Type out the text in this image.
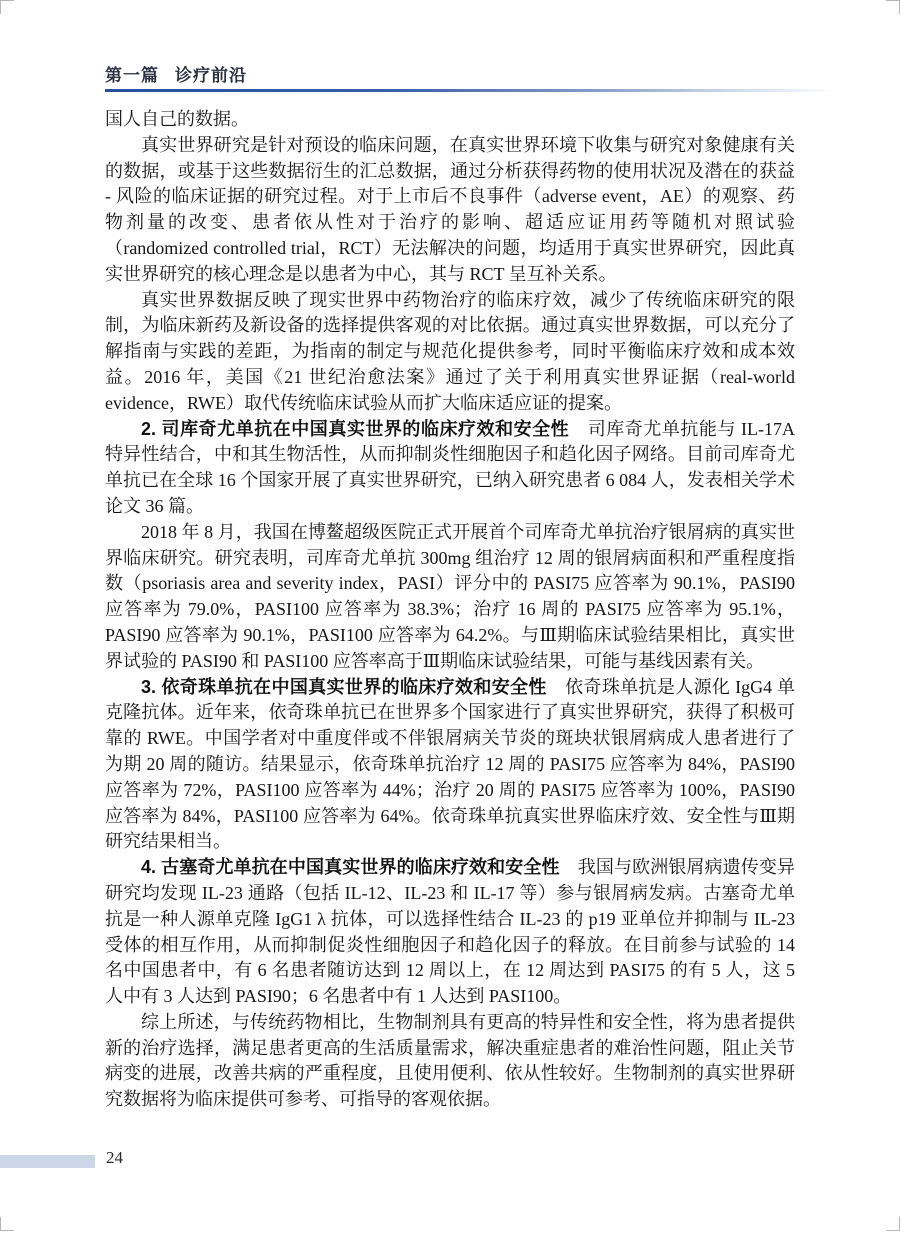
第一篇 诊疗前沿

国人自己的数据。

真实世界研究是针对预设的临床问题，在真实世界环境下收集与研究对象健康有关的数据，或基于这些数据衍生的汇总数据，通过分析获得药物的使用状况及潜在的获益 - 风险的临床证据的研究过程。对于上市后不良事件（adverse event，AE）的观察、药物剂量的改变、患者依从性对于治疗的影响、超适应证用药等随机对照试验（randomized controlled trial，RCT）无法解决的问题，均适用于真实世界研究，因此真实世界研究的核心理念是以患者为中心，其与 RCT 呈互补关系。

真实世界数据反映了现实世界中药物治疗的临床疗效，减少了传统临床研究的限制，为临床新药及新设备的选择提供客观的对比依据。通过真实世界数据，可以充分了解指南与实践的差距，为指南的制定与规范化提供参考，同时平衡临床疗效和成本效益。2016 年，美国《21 世纪治愈法案》通过了关于利用真实世界证据（real-world evidence，RWE）取代传统临床试验从而扩大临床适应证的提案。

2. 司库奇尤单抗在中国真实世界的临床疗效和安全性　司库奇尤单抗能与 IL-17A 特异性结合，中和其生物活性，从而抑制炎性细胞因子和趋化因子网络。目前司库奇尤单抗已在全球 16 个国家开展了真实世界研究，已纳入研究患者 6 084 人，发表相关学术论文 36 篇。

2018 年 8 月，我国在博鳌超级医院正式开展首个司库奇尤单抗治疗银屑病的真实世界临床研究。研究表明，司库奇尤单抗 300mg 组治疗 12 周的银屑病面积和严重程度指数（psoriasis area and severity index，PASI）评分中的 PASI75 应答率为 90.1%，PASI90 应答率为 79.0%，PASI100 应答率为 38.3%；治疗 16 周的 PASI75 应答率为 95.1%，PASI90 应答率为 90.1%，PASI100 应答率为 64.2%。与Ⅲ期临床试验结果相比，真实世界试验的 PASI90 和 PASI100 应答率高于Ⅲ期临床试验结果，可能与基线因素有关。

3. 依奇珠单抗在中国真实世界的临床疗效和安全性　依奇珠单抗是人源化 IgG4 单克隆抗体。近年来，依奇珠单抗已在世界多个国家进行了真实世界研究，获得了积极可靠的 RWE。中国学者对中重度伴或不伴银屑病关节炎的斑块状银屑病成人患者进行了为期 20 周的随访。结果显示，依奇珠单抗治疗 12 周的 PASI75 应答率为 84%，PASI90 应答率为 72%，PASI100 应答率为 44%；治疗 20 周的 PASI75 应答率为 100%，PASI90 应答率为 84%，PASI100 应答率为 64%。依奇珠单抗真实世界临床疗效、安全性与Ⅲ期研究结果相当。

4. 古塞奇尤单抗在中国真实世界的临床疗效和安全性　我国与欧洲银屑病遗传变异研究均发现 IL-23 通路（包括 IL-12、IL-23 和 IL-17 等）参与银屑病发病。古塞奇尤单抗是一种人源单克隆 IgG1 λ 抗体，可以选择性结合 IL-23 的 p19 亚单位并抑制与 IL-23 受体的相互作用，从而抑制促炎性细胞因子和趋化因子的释放。在目前参与试验的 14 名中国患者中，有 6 名患者随访达到 12 周以上，在 12 周达到 PASI75 的有 5 人，这 5 人中有 3 人达到 PASI90；6 名患者中有 1 人达到 PASI100。

综上所述，与传统药物相比，生物制剂具有更高的特异性和安全性，将为患者提供新的治疗选择，满足患者更高的生活质量需求，解决重症患者的难治性问题，阻止关节病变的进展，改善共病的严重程度，且使用便利、依从性较好。生物制剂的真实世界研究数据将为临床提供可参考、可指导的客观依据。

24
